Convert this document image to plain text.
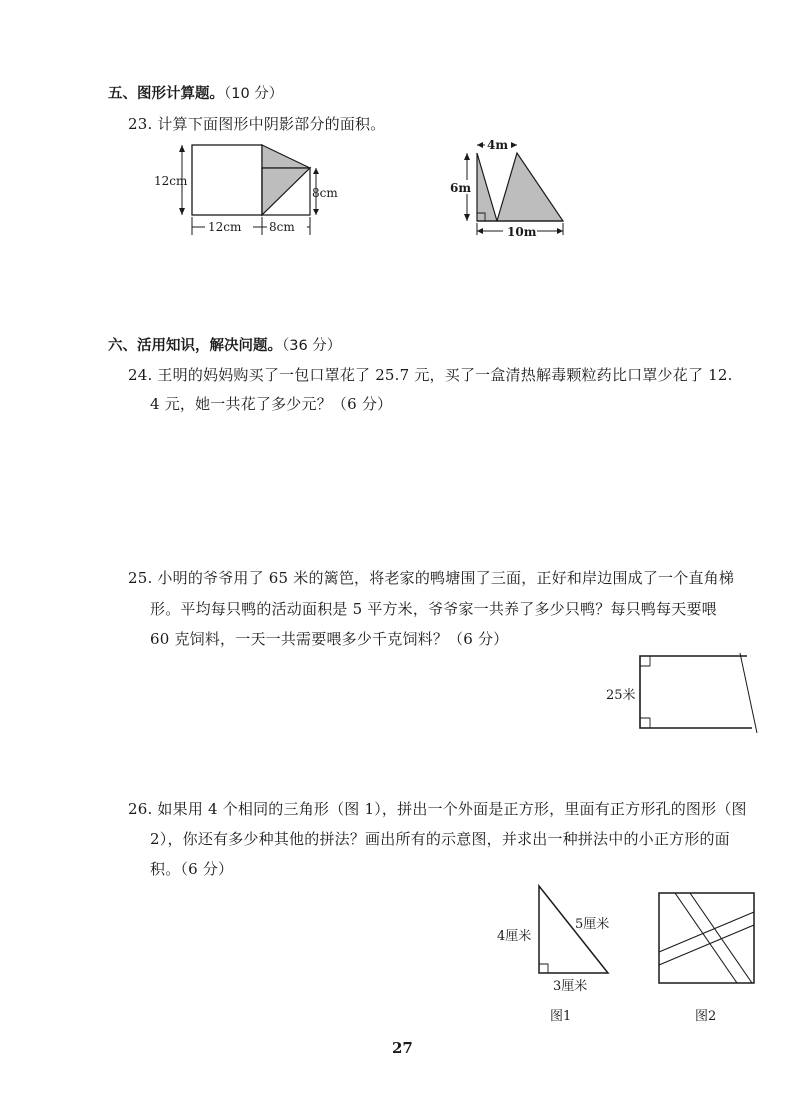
五、图形计算题。（10 分）
23. 计算下面图形中阴影部分的面积。
12cm
8cm
12cm 8cm
4m
6m
10m
六、活用知识，解决问题。（36 分）
24. 王明的妈妈购买了一包口罩花了 25.7 元，买了一盒清热解毒颗粒药比口罩少花了 12.
4 元，她一共花了多少元？（6 分）
25. 小明的爷爷用了 65 米的篱笆，将老家的鸭塘围了三面，正好和岸边围成了一个直角梯
形。平均每只鸭的活动面积是 5 平方米，爷爷家一共养了多少只鸭？每只鸭每天要喂
60 克饲料，一天一共需要喂多少千克饲料？（6 分）
25米
26. 如果用 4 个相同的三角形（图 1），拼出一个外面是正方形，里面有正方形孔的图形（图
2），你还有多少种其他的拼法？画出所有的示意图，并求出一种拼法中的小正方形的面
积。（6 分）
4厘米
5厘米
3厘米
图1	图2
27
